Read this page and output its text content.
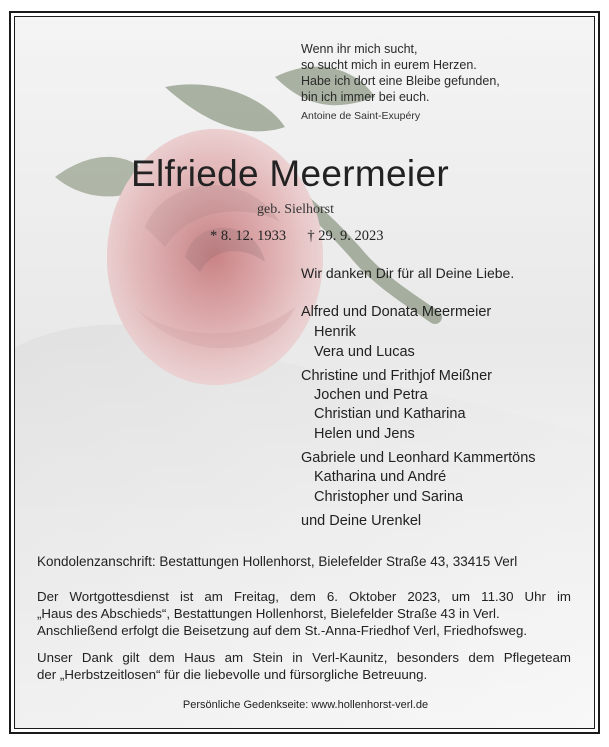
Wenn ihr mich sucht,
so sucht mich in eurem Herzen.
Habe ich dort eine Bleibe gefunden,
bin ich immer bei euch.
Antoine de Saint-Exupéry
Elfriede Meermeier
geb. Sielhorst
* 8. 12. 1933 † 29. 9. 2023
Wir danken Dir für all Deine Liebe.
Alfred und Donata Meermeier
Henrik
Vera und Lucas
Christine und Frithjof Meißner
Jochen und Petra
Christian und Katharina
Helen und Jens
Gabriele und Leonhard Kammertöns
Katharina und André
Christopher und Sarina
und Deine Urenkel
Kondolenzanschrift: Bestattungen Hollenhorst, Bielefelder Straße 43, 33415 Verl
Der Wortgottesdienst ist am Freitag, dem 6. Oktober 2023, um 11.30 Uhr im
„Haus des Abschieds“, Bestattungen Hollenhorst, Bielefelder Straße 43 in Verl.
Anschließend erfolgt die Beisetzung auf dem St.-Anna-Friedhof Verl, Friedhofsweg.
Unser Dank gilt dem Haus am Stein in Verl-Kaunitz, besonders dem Pflegeteam
der „Herbstzeitlosen“ für die liebevolle und fürsorgliche Betreuung.
Persönliche Gedenkseite: www.hollenhorst-verl.de
